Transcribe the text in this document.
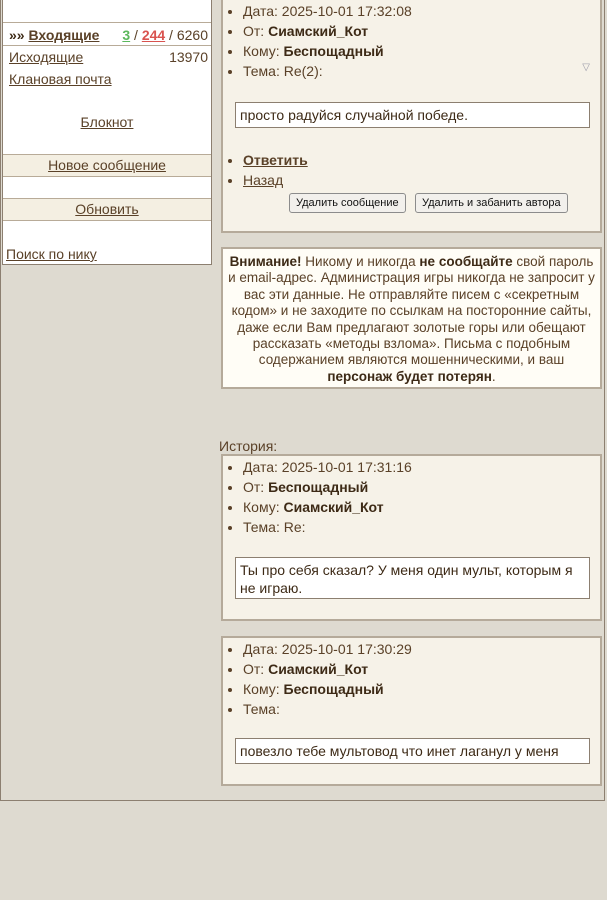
»» Входящие 3 / 244 / 6260
Исходящие	13970
Клановая почта
Блокнот
Новое сообщение
Обновить
Поиск по нику
• Дата: 2025-10-01 17:32:08
• От: Сиамский_Кот
• Кому: Беспощадный
• Тема: Re(2):	▽
просто радуйся случайной победе.
• Ответить
• Назад
Удалить сообщение	Удалить и забанить автора
Внимание! Никому и никогда не сообщайте свой пароль и email-адрес. Администрация игры никогда не запросит у вас эти данные. Не отправляйте писем с «секретным кодом» и не заходите по ссылкам на посторонние сайты, даже если Вам предлагают золотые горы или обещают рассказать «методы взлома». Письма с подобным содержанием являются мошенническими, и ваш персонаж будет потерян.
История:
• Дата: 2025-10-01 17:31:16
• От: Беспощадный
• Кому: Сиамский_Кот
• Тема: Re:
Ты про себя сказал? У меня один мульт, которым я не играю.
• Дата: 2025-10-01 17:30:29
• От: Сиамский_Кот
• Кому: Беспощадный
• Тема:
повезло тебе мультовод что инет лаганул у меня
